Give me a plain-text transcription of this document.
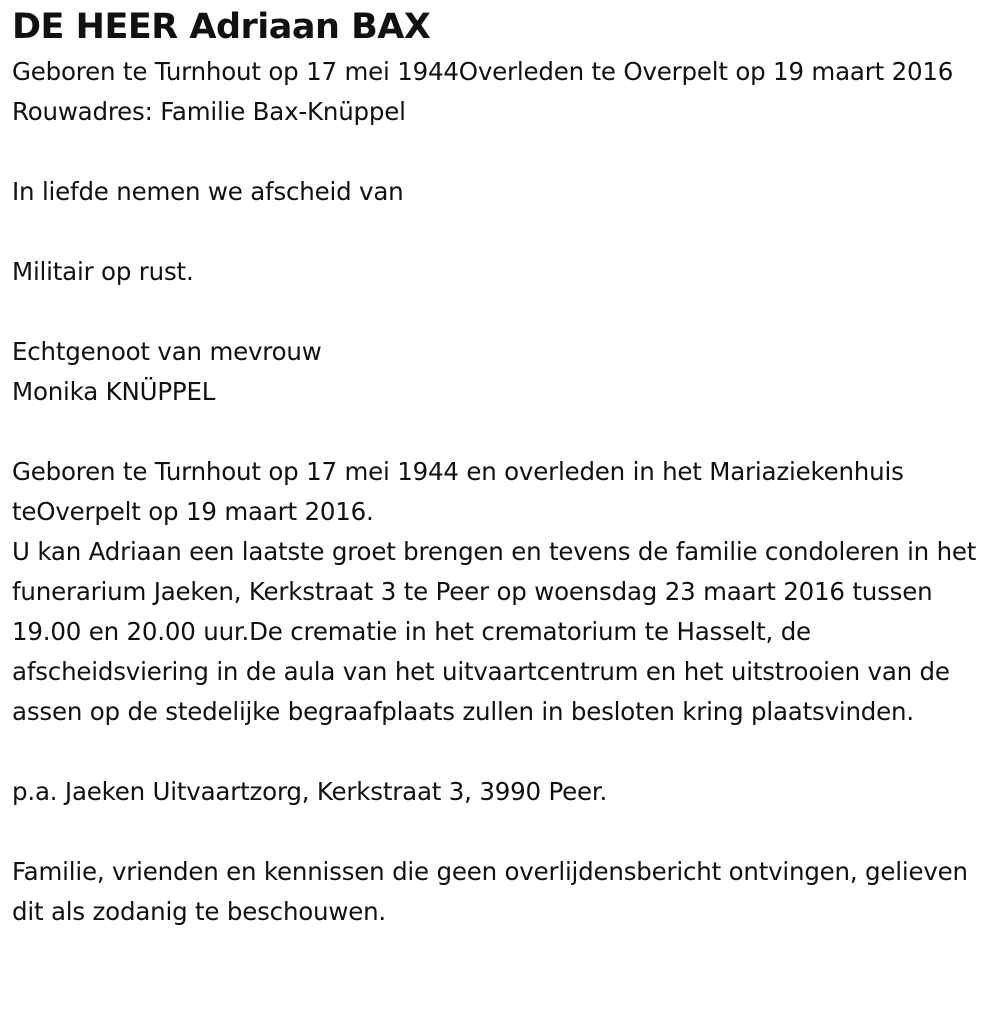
DE HEER Adriaan BAX
Geboren te Turnhout op 17 mei 1944Overleden te Overpelt op 19 maart 2016
Rouwadres: Familie Bax-Knüppel
In liefde nemen we afscheid van
Militair op rust.
Echtgenoot van mevrouw
Monika KNÜPPEL
Geboren te Turnhout op 17 mei 1944 en overleden in het Mariaziekenhuis teOverpelt op 19 maart 2016.
U kan Adriaan een laatste groet brengen en tevens de familie condoleren in het funerarium Jaeken, Kerkstraat 3 te Peer op woensdag 23 maart 2016 tussen 19.00 en 20.00 uur.De crematie in het crematorium te Hasselt, de afscheidsviering in de aula van het uitvaartcentrum en het uitstrooien van de assen op de stedelijke begraafplaats zullen in besloten kring plaatsvinden.
p.a. Jaeken Uitvaartzorg, Kerkstraat 3, 3990 Peer.
Familie, vrienden en kennissen die geen overlijdensbericht ontvingen, gelieven dit als zodanig te beschouwen.
